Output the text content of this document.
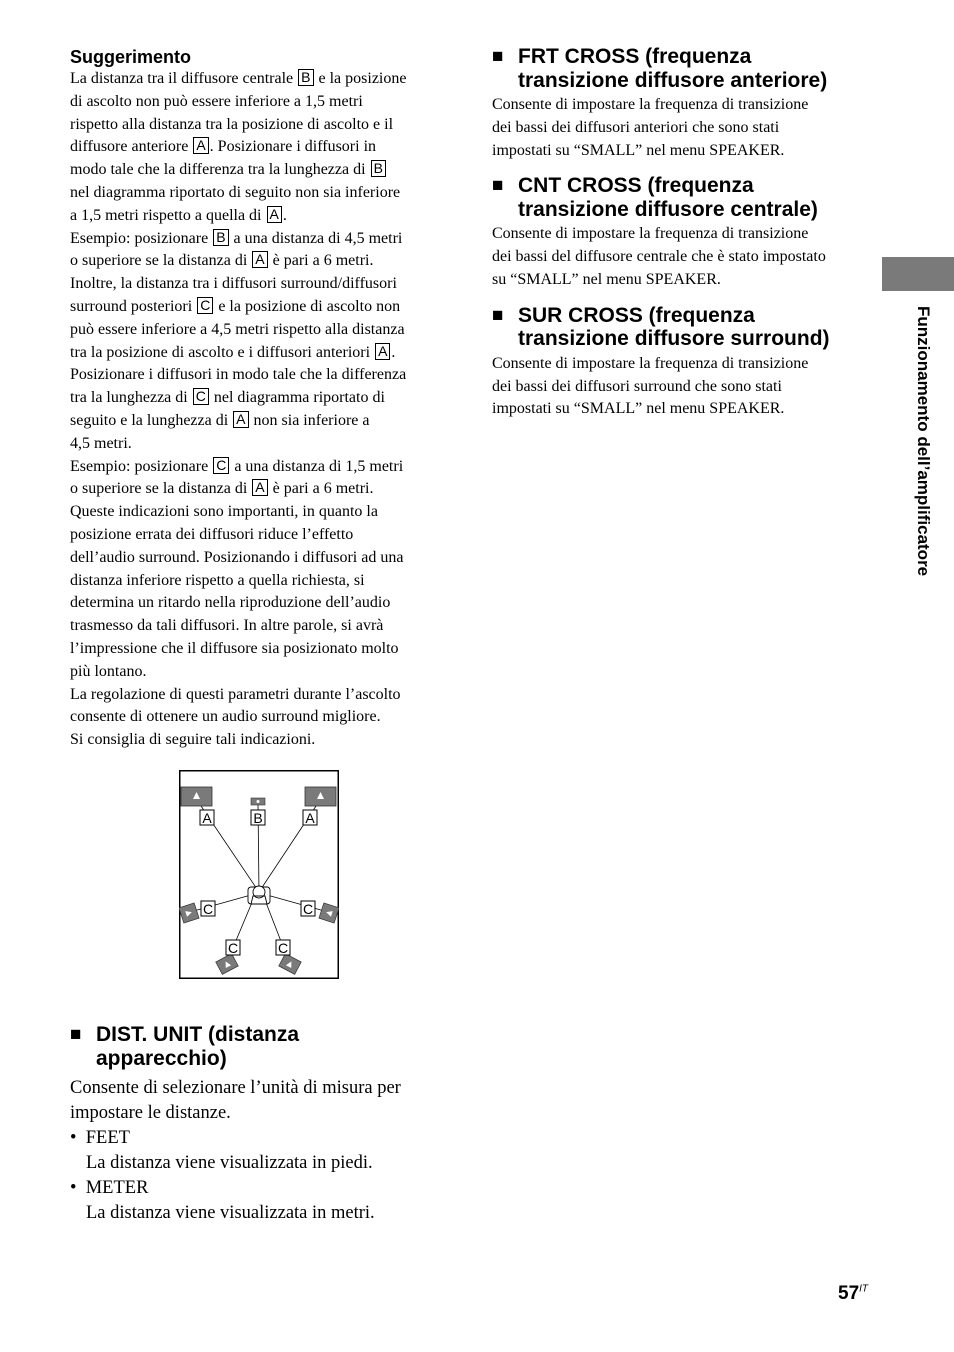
Suggerimento
La distanza tra il diffusore centrale B e la posizione
di ascolto non può essere inferiore a 1,5 metri
rispetto alla distanza tra la posizione di ascolto e il
diffusore anteriore A . Posizionare i diffusori in
modo tale che la differenza tra la lunghezza di B
nel diagramma riportato di seguito non sia inferiore
a 1,5 metri rispetto a quella di A .
Esempio: posizionare B a una distanza di 4,5 metri
o superiore se la distanza di A è pari a 6 metri.
Inoltre, la distanza tra i diffusori surround/diffusori
surround posteriori C e la posizione di ascolto non
può essere inferiore a 4,5 metri rispetto alla distanza
tra la posizione di ascolto e i diffusori anteriori A .
Posizionare i diffusori in modo tale che la differenza
tra la lunghezza di C nel diagramma riportato di
seguito e la lunghezza di A non sia inferiore a
4,5 metri.
Esempio: posizionare C a una distanza di 1,5 metri
o superiore se la distanza di A è pari a 6 metri.
Queste indicazioni sono importanti, in quanto la
posizione errata dei diffusori riduce l’effetto
dell’audio surround. Posizionando i diffusori ad una
distanza inferiore rispetto a quella richiesta, si
determina un ritardo nella riproduzione dell’audio
trasmesso da tali diffusori. In altre parole, si avrà
l’impressione che il diffusore sia posizionato molto
più lontano.
La regolazione di questi parametri durante l’ascolto
consente di ottenere un audio surround migliore.
Si consiglia di seguire tali indicazioni.
A	B	A
C	C
C	C
■ DIST. UNIT (distanza
apparecchio)
Consente di selezionare l’unità di misura per
impostare le distanze.
•  FEET
La distanza viene visualizzata in piedi.
•  METER
La distanza viene visualizzata in metri.
■ FRT CROSS (frequenza
transizione diffusore anteriore)
Consente di impostare la frequenza di transizione
dei bassi dei diffusori anteriori che sono stati
impostati su “SMALL” nel menu SPEAKER.
■ CNT CROSS (frequenza
transizione diffusore centrale)
Consente di impostare la frequenza di transizione
dei bassi del diffusore centrale che è stato impostato
su “SMALL” nel menu SPEAKER.
■ SUR CROSS (frequenza
transizione diffusore surround)
Consente di impostare la frequenza di transizione
dei bassi dei diffusori surround che sono stati
impostati su “SMALL” nel menu SPEAKER.	Funzionamento dell’amplificatore
$57^{IT}$
